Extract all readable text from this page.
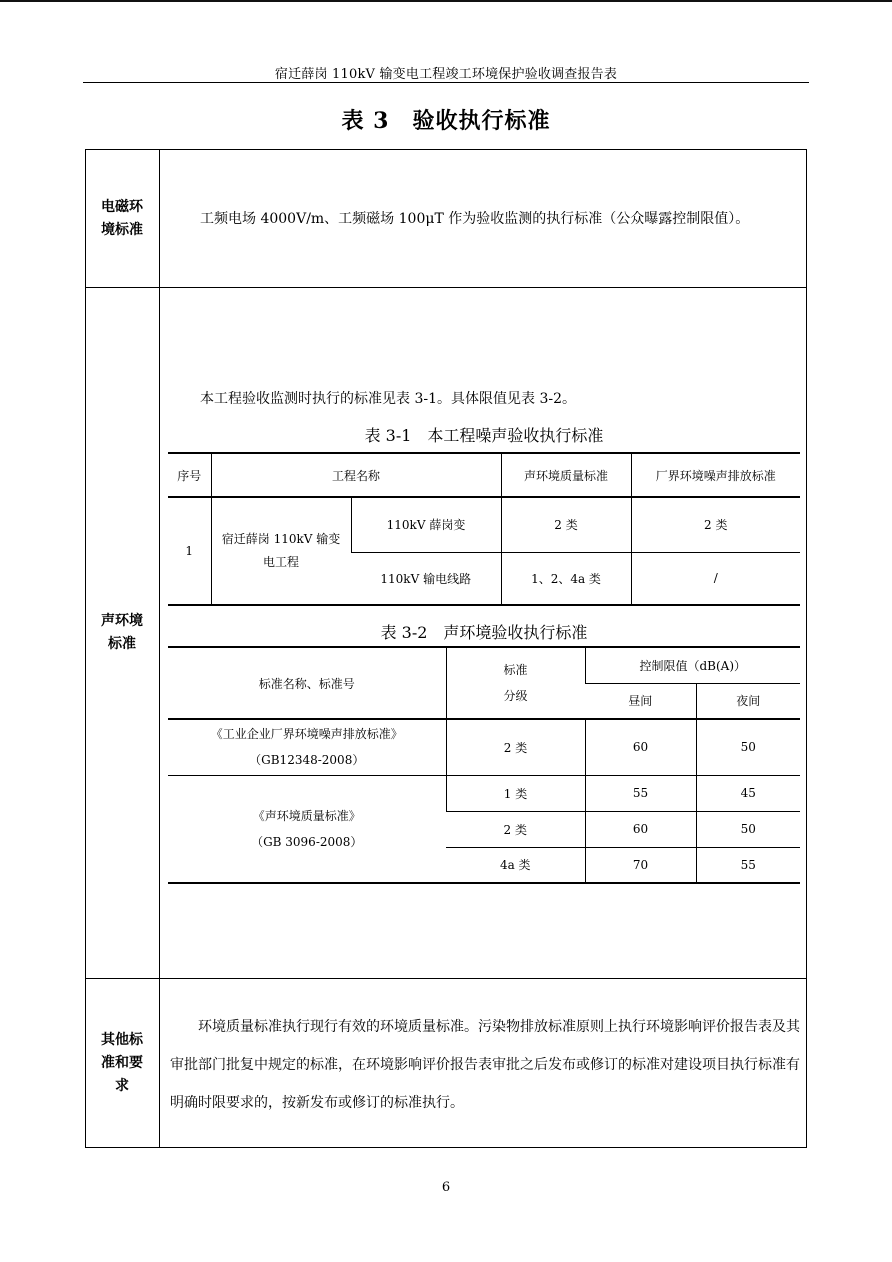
宿迁薛岗 110kV 输变电工程竣工环境保护验收调查报告表
表 3　验收执行标准
电磁环境标准
工频电场 4000V/m、工频磁场 100μT 作为验收监测的执行标准（公众曝露控制限值）。
声环境标准
本工程验收监测时执行的标准见表 3-1。具体限值见表 3-2。
表 3-1　本工程噪声验收执行标准
序号	工程名称		声环境质量标准	厂界环境噪声排放标准
1	宿迁薛岗 110kV 输变电工程	110kV 薛岗变	2 类	2 类
		110kV 输电线路	1、2、4a 类	/
表 3-2　声环境验收执行标准
标准名称、标准号	标准分级	控制限值（dB(A)）	
		昼间	夜间

《工业企业厂界环境噪声排放标准》
（GB12348-2008）	2 类	60	50

《声环境质量标准》
（GB 3096-2008）	1 类	55	45
	2 类	60	50
	4a 类	70	55
其他标准和要求
环境质量标准执行现行有效的环境质量标准。污染物排放标准原则上执行环境影响评价报告表及其审批部门批复中规定的标准，在环境影响评价报告表审批之后发布或修订的标准对建设项目执行标准有明确时限要求的，按新发布或修订的标准执行。
6
